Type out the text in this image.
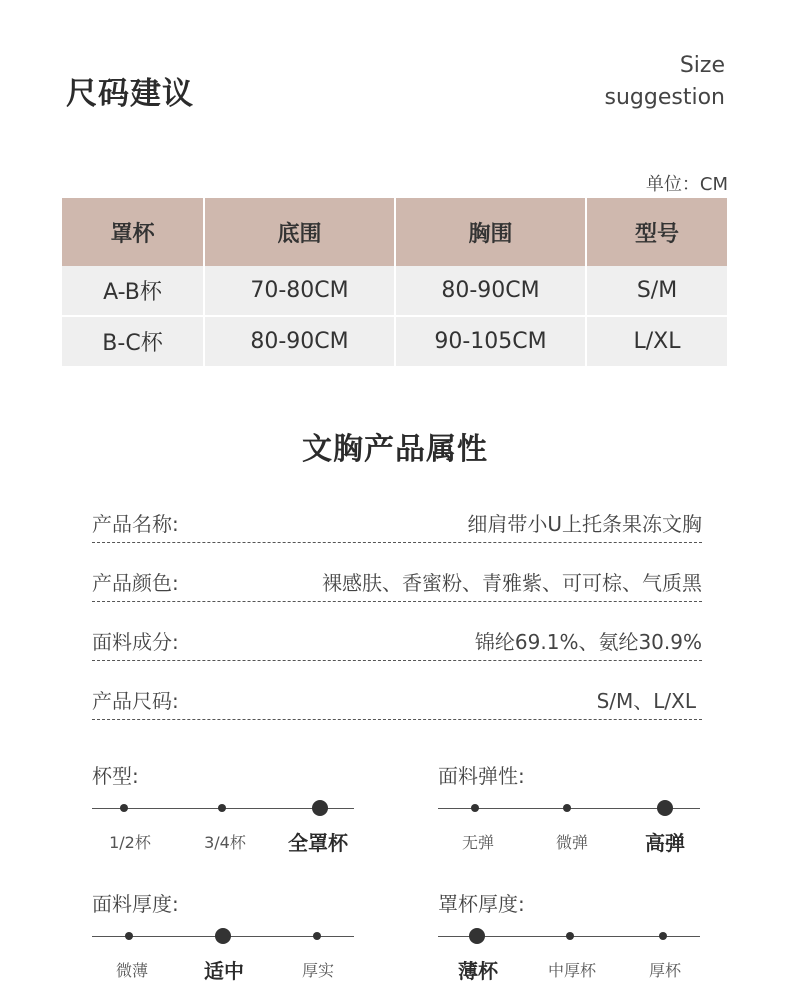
尺码建议
Size
suggestion
单位：CM
罩杯	底围	胸围	型号
A-B杯	70-80CM	80-90CM	S/M
B-C杯	80-90CM	90-105CM	L/XL
文胸产品属性
产品名称:	细肩带小U上托条果冻文胸
产品颜色:	裸感肤、香蜜粉、青雅紫、可可棕、气质黑
面料成分:	锦纶69.1%、氨纶30.9%
产品尺码:	S/M、L/XL
杯型:
1/2杯	3/4杯	全罩杯
面料弹性:
无弹	微弹	高弹
面料厚度:
微薄	适中	厚实
罩杯厚度:
薄杯	中厚杯	厚杯
